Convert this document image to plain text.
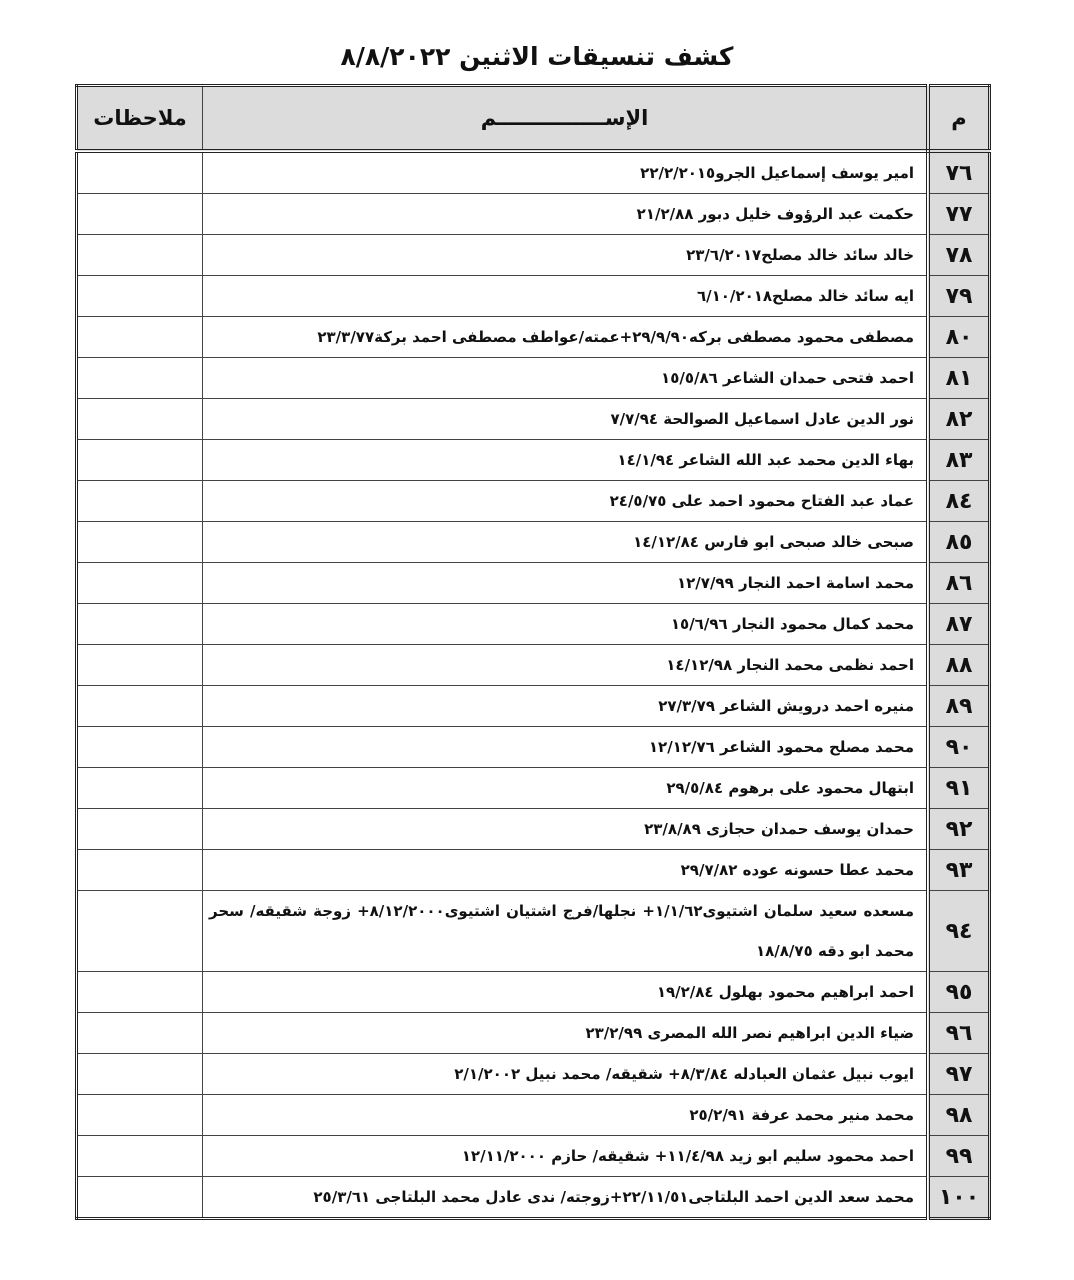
كشف تنسيقات الاثنين ٨/٨/٢٠٢٢
م	الإســـــــــــــــم	ملاحظات
٧٦	امير يوسف إسماعيل الجرو٢٢/٢/٢٠١٥	
٧٧	حكمت عبد الرؤوف خليل دبور ٢١/٢/٨٨	
٧٨	خالد سائد خالد مصلح٢٣/٦/٢٠١٧	
٧٩	ايه سائد خالد مصلح٦/١٠/٢٠١٨	
٨٠	مصطفى محمود مصطفى بركه٢٩/٩/٩٠+عمته/عواطف مصطفى احمد بركة٢٣/٣/٧٧	
٨١	احمد فتحى حمدان الشاعر ١٥/٥/٨٦	
٨٢	نور الدين عادل اسماعيل الصوالحة ٧/٧/٩٤	
٨٣	بهاء الدين محمد عبد الله الشاعر ١٤/١/٩٤	
٨٤	عماد عبد الفتاح محمود احمد على ٢٤/٥/٧٥	
٨٥	صبحى خالد صبحى ابو فارس ١٤/١٢/٨٤	
٨٦	محمد اسامة احمد النجار ١٢/٧/٩٩	
٨٧	محمد كمال محمود النجار ١٥/٦/٩٦	
٨٨	احمد نظمى محمد النجار ١٤/١٢/٩٨	
٨٩	منيره احمد درويش الشاعر ٢٧/٣/٧٩	
٩٠	محمد مصلح محمود الشاعر ١٢/١٢/٧٦	
٩١	ابتهال محمود على برهوم ٢٩/٥/٨٤	
٩٢	حمدان يوسف حمدان حجازى ٢٣/٨/٨٩	
٩٣	محمد عطا حسونه عوده ٢٩/٧/٨٢	
٩٤	مسعده سعيد سلمان اشتيوى١/١/٦٢+ نجلها/فرج اشتيان اشتيوى٨/١٢/٢٠٠٠+ زوجة شقيقه/ سحر محمد ابو دقه ١٨/٨/٧٥	
٩٥	احمد ابراهيم محمود بهلول ١٩/٢/٨٤	
٩٦	ضياء الدين ابراهيم نصر الله المصرى ٢٣/٢/٩٩	
٩٧	ايوب نبيل عثمان العبادله ٨/٣/٨٤+ شقيقه/ محمد نبيل ٢/١/٢٠٠٢	
٩٨	محمد منير محمد عرفة ٢٥/٢/٩١	
٩٩	احمد محمود سليم ابو زيد ١١/٤/٩٨+ شقيقه/ حازم ١٢/١١/٢٠٠٠	
١٠٠	محمد سعد الدين احمد البلتاجى٢٢/١١/٥١+زوجته/ ندى عادل محمد البلتاجى ٢٥/٣/٦١	
